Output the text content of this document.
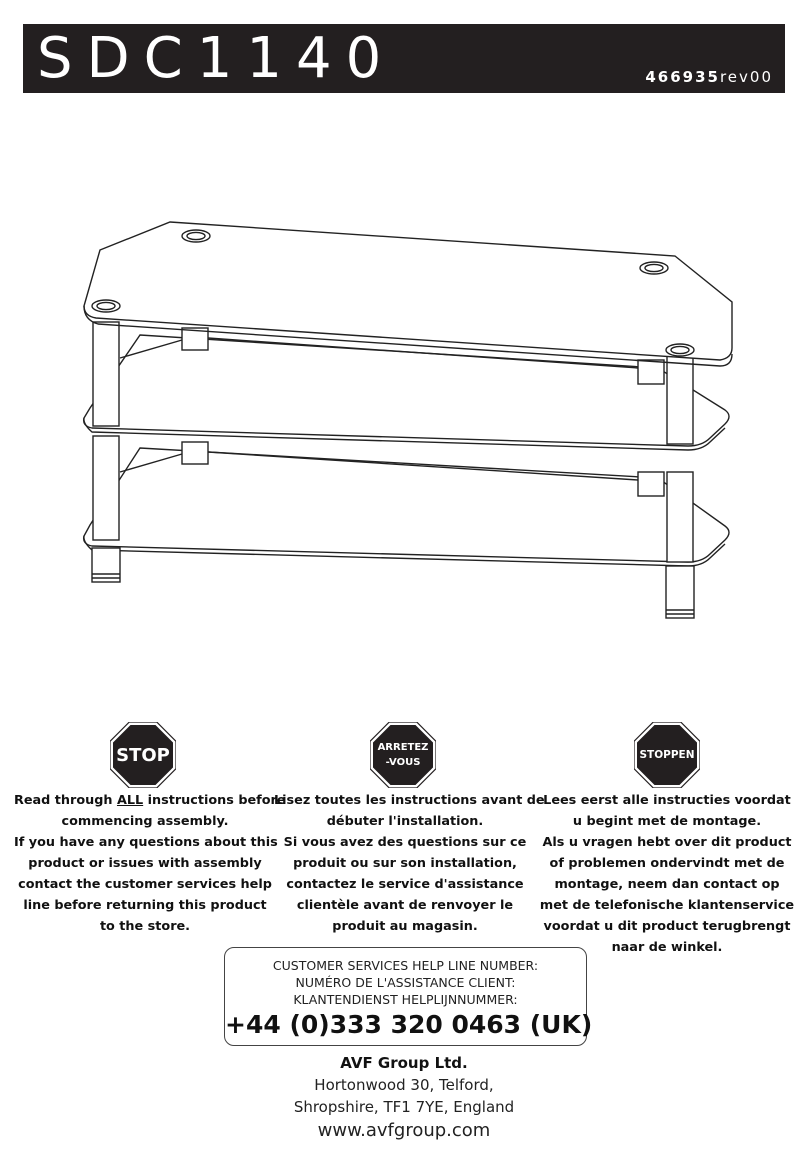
SDC1140	466935rev00
STOP	ARRETEZ
-VOUS
STOPPEN
Read through ALL instructions before
commencing assembly.
If you have any questions about this
product or issues with assembly
contact the customer services help
line before returning this product
to the store.
Lisez toutes les instructions avant de
débuter l'installation.
Si vous avez des questions sur ce
produit ou sur son installation,
contactez le service d'assistance
clientèle avant de renvoyer le
produit au magasin.
Lees eerst alle instructies voordat
u begint met de montage.
Als u vragen hebt over dit product
of problemen ondervindt met de
montage, neem dan contact op
met de telefonische klantenservice
voordat u dit product terugbrengt
naar de winkel.
CUSTOMER SERVICES HELP LINE NUMBER:
NUMÉRO DE L'ASSISTANCE CLIENT:
KLANTENDIENST HELPLIJNNUMMER:
+44 (0)333 320 0463 (UK)
AVF Group Ltd.
Hortonwood 30, Telford,
Shropshire, TF1 7YE, England
www.avfgroup.com
